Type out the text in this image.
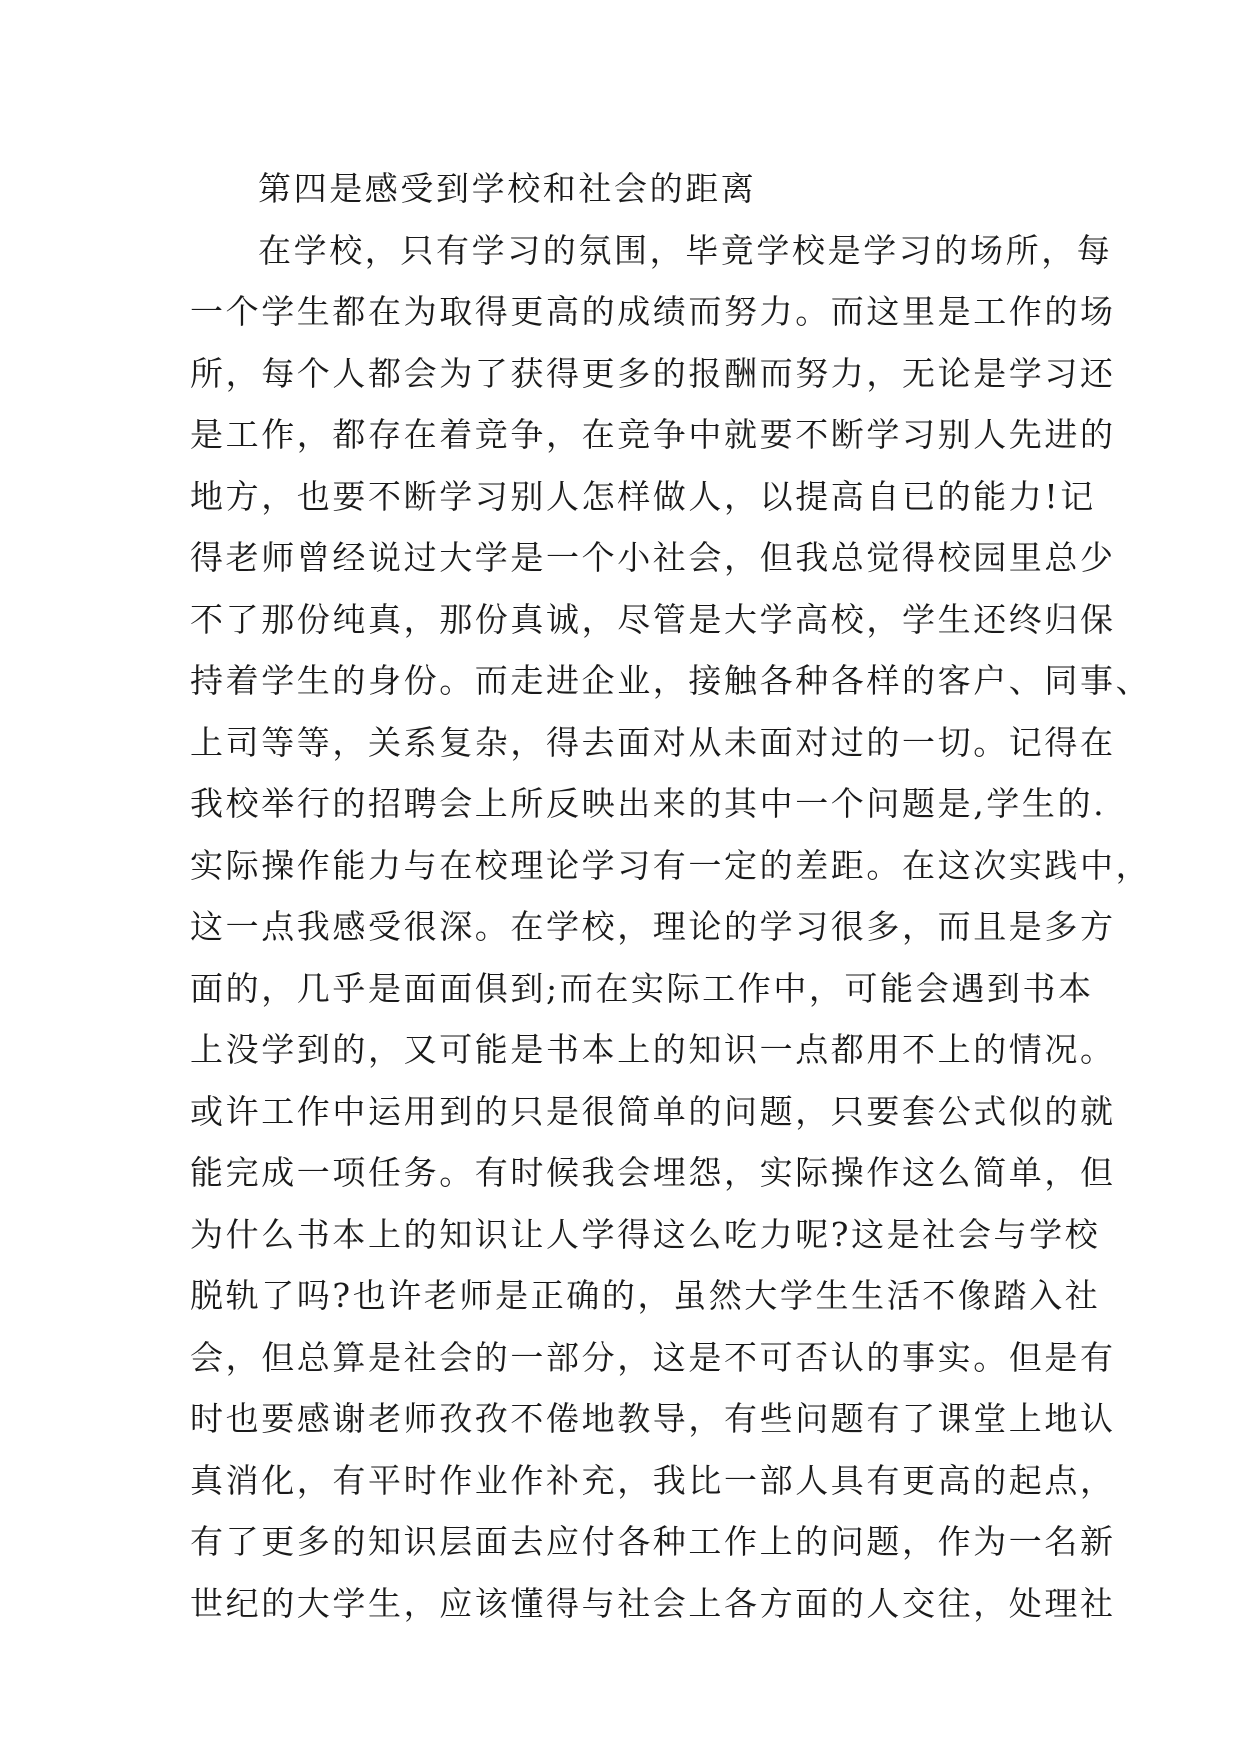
第四是感受到学校和社会的距离
在学校，只有学习的氛围，毕竟学校是学习的场所，每
一个学生都在为取得更高的成绩而努力。而这里是工作的场
所，每个人都会为了获得更多的报酬而努力，无论是学习还
是工作，都存在着竞争，在竞争中就要不断学习别人先进的
地方，也要不断学习别人怎样做人，以提高自已的能力!记
得老师曾经说过大学是一个小社会，但我总觉得校园里总少
不了那份纯真，那份真诚，尽管是大学高校，学生还终归保
持着学生的身份。而走进企业，接触各种各样的客户、同事、
上司等等，关系复杂，得去面对从未面对过的一切。记得在
我校举行的招聘会上所反映出来的其中一个问题是,学生的.
实际操作能力与在校理论学习有一定的差距。在这次实践中，
这一点我感受很深。在学校，理论的学习很多，而且是多方
面的，几乎是面面俱到;而在实际工作中，可能会遇到书本
上没学到的，又可能是书本上的知识一点都用不上的情况。
或许工作中运用到的只是很简单的问题，只要套公式似的就
能完成一项任务。有时候我会埋怨，实际操作这么简单，但
为什么书本上的知识让人学得这么吃力呢?这是社会与学校
脱轨了吗?也许老师是正确的，虽然大学生生活不像踏入社
会，但总算是社会的一部分，这是不可否认的事实。但是有
时也要感谢老师孜孜不倦地教导，有些问题有了课堂上地认
真消化，有平时作业作补充，我比一部人具有更高的起点，
有了更多的知识层面去应付各种工作上的问题，作为一名新
世纪的大学生，应该懂得与社会上各方面的人交往，处理社
